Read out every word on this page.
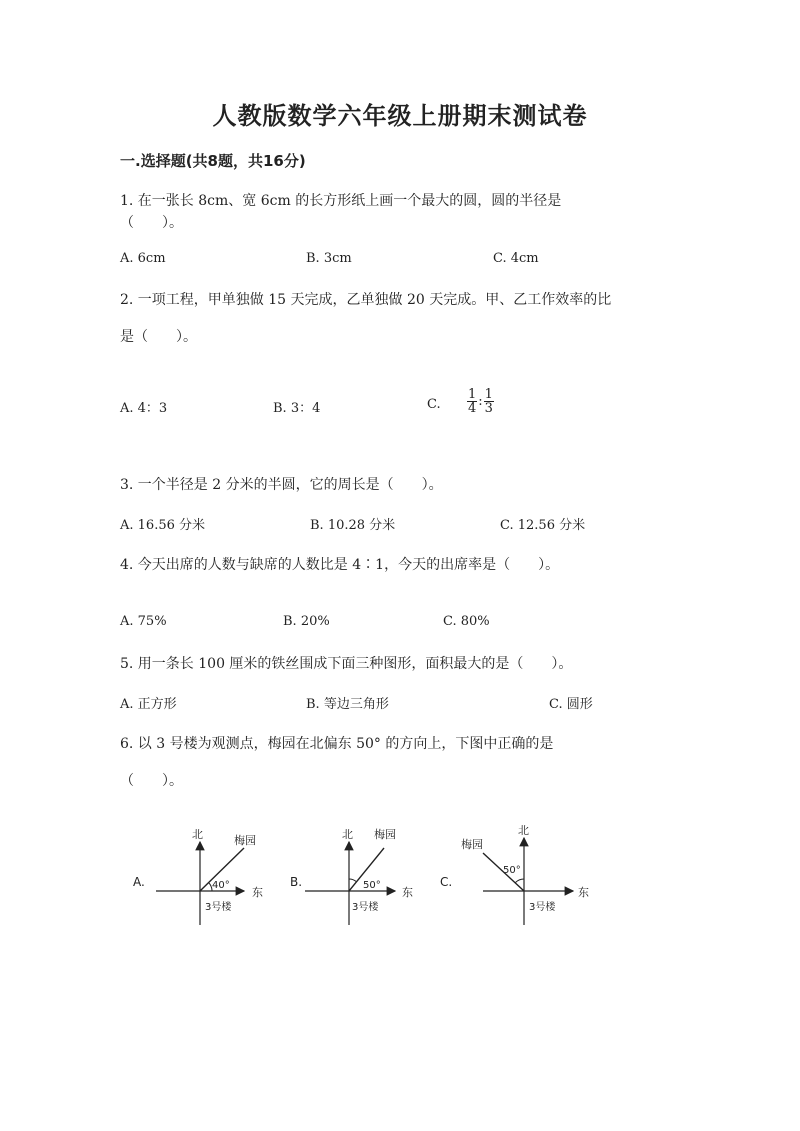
人教版数学六年级上册期末测试卷
一.选择题(共8题，共16分)
1. 在一张长 8cm、宽 6cm 的长方形纸上画一个最大的圆，圆的半径是
（　　）。
A. 6cm	B. 3cm	C. 4cm
2. 一项工程，甲单独做 15 天完成，乙单独做 20 天完成。甲、乙工作效率的比
是（　　）。
A. 4：3	B. 3：4	C. $\frac{1}{4}$ : $\frac{1}{3}$
3. 一个半径是 2 分米的半圆，它的周长是（　　）。
A. 16.56 分米	B. 10.28 分米	C. 12.56 分米
4. 今天出席的人数与缺席的人数比是 4∶1，今天的出席率是（　　）。
A. 75%	B. 20%	C. 80%
5. 用一条长 100 厘米的铁丝围成下面三种图形，面积最大的是（　　）。
A. 正方形	B. 等边三角形	C. 圆形
6. 以 3 号楼为观测点，梅园在北偏东 50° 的方向上，下图中正确的是
（　　）。
A.
北
东
梅园
40°
3号楼
B.
北
东
梅园
50°
3号楼
C.
北
东
梅园
50°
3号楼
